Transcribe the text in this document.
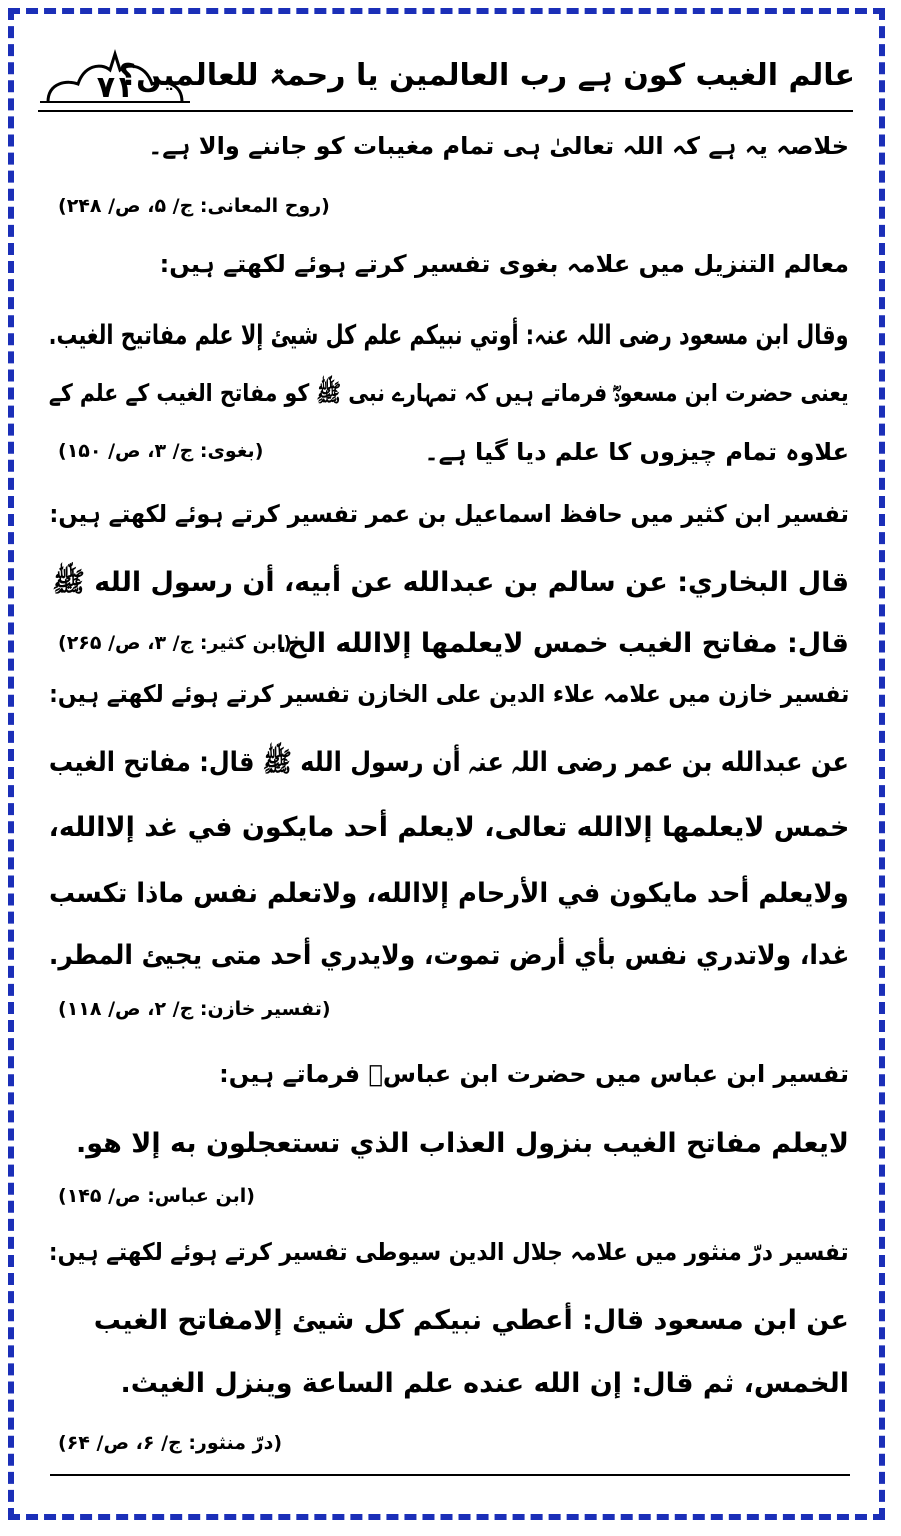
۷۱
عالم الغیب کون ہے رب العالمین یا رحمۃ للعالمین؟
خلاصہ یہ ہے کہ اللہ تعالیٰ ہی تمام مغیبات کو جاننے والا ہے۔
(روح المعانی: ج/ ۵، ص/ ۲۴۸)
معالم التنزیل میں علامہ بغوی تفسیر کرتے ہوئے لکھتے ہیں:
وقال ابن مسعود رضی اللہ عنہ: أوتي نبيكم علم كل شيئ إلا علم مفاتيح الغيب.
یعنی حضرت ابن مسعودؓ فرماتے ہیں کہ تمہارے نبی ﷺ کو مفاتح الغیب کے علم کے
علاوہ تمام چیزوں کا علم دیا گیا ہے۔
(بغوی: ج/ ۳، ص/ ۱۵۰)
تفسیر ابن کثیر میں حافظ اسماعیل بن عمر تفسیر کرتے ہوئے لکھتے ہیں:
قال البخاري: عن سالم بن عبدالله عن أبيه، أن رسول الله ﷺ
قال: مفاتح الغيب خمس لايعلمها إلاالله الخ.
(ابن کثیر: ج/ ۳، ص/ ۲۶۵)
تفسیر خازن میں علامہ علاء الدین علی الخازن تفسیر کرتے ہوئے لکھتے ہیں:
عن عبدالله بن عمر رضی اللہ عنہ أن رسول الله ﷺ قال: مفاتح الغيب
خمس لايعلمها إلاالله تعالى، لايعلم أحد مايكون في غد إلاالله،
ولايعلم أحد مايكون في الأرحام إلاالله، ولاتعلم نفس ماذا تكسب
غدا، ولاتدري نفس بأي أرض تموت، ولايدري أحد متى يجيئ المطر.
(تفسیر خازن: ج/ ۲، ص/ ۱۱۸)
تفسیر ابن عباس میں حضرت ابن عباسؓ فرماتے ہیں:
لايعلم مفاتح الغيب بنزول العذاب الذي تستعجلون به إلا هو.
(ابن عباس: ص/ ۱۴۵)
تفسیر درّ منثور میں علامہ جلال الدین سیوطی تفسیر کرتے ہوئے لکھتے ہیں:
عن ابن مسعود قال: أعطي نبيكم كل شيئ إلامفاتح الغيب
الخمس، ثم قال: إن الله عنده علم الساعة وينزل الغيث.
(درّ منثور: ج/ ۶، ص/ ۶۴)
